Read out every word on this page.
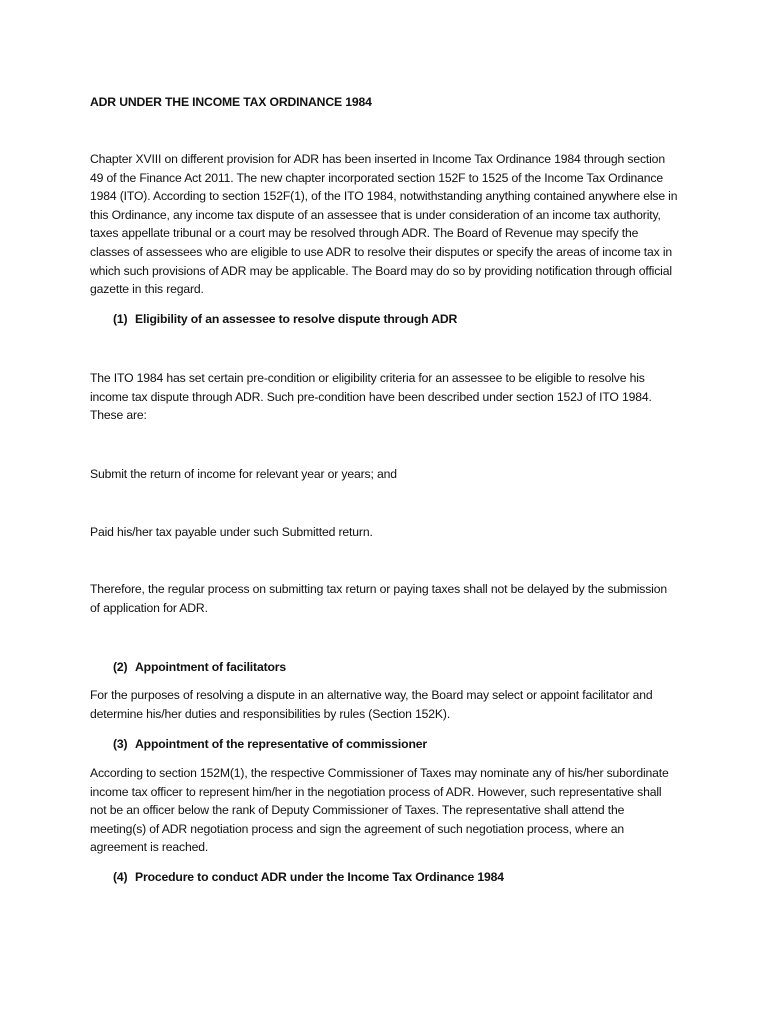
ADR UNDER THE INCOME TAX ORDINANCE 1984

Chapter XVIII on different provision for ADR has been inserted in Income Tax Ordinance 1984 through section 49 of the Finance Act 2011. The new chapter incorporated section 152F to 1525 of the Income Tax Ordinance 1984 (ITO). According to section 152F(1), of the ITO 1984, notwithstanding anything contained anywhere else in this Ordinance, any income tax dispute of an assessee that is under consideration of an income tax authority, taxes appellate tribunal or a court may be resolved through ADR. The Board of Revenue may specify the classes of assessees who are eligible to use ADR to resolve their disputes or specify the areas of income tax in which such provisions of ADR may be applicable. The Board may do so by providing notification through official gazette in this regard.

(1) Eligibility of an assessee to resolve dispute through ADR

The ITO 1984 has set certain pre-condition or eligibility criteria for an assessee to be eligible to resolve his income tax dispute through ADR. Such pre-condition have been described under section 152J of ITO 1984. These are:

Submit the return of income for relevant year or years; and

Paid his/her tax payable under such Submitted return.

Therefore, the regular process on submitting tax return or paying taxes shall not be delayed by the submission of application for ADR.

(2) Appointment of facilitators

For the purposes of resolving a dispute in an alternative way, the Board may select or appoint facilitator and determine his/her duties and responsibilities by rules (Section 152K).

(3) Appointment of the representative of commissioner

According to section 152M(1), the respective Commissioner of Taxes may nominate any of his/her subordinate income tax officer to represent him/her in the negotiation process of ADR. However, such representative shall not be an officer below the rank of Deputy Commissioner of Taxes. The representative shall attend the meeting(s) of ADR negotiation process and sign the agreement of such negotiation process, where an agreement is reached.

(4) Procedure to conduct ADR under the Income Tax Ordinance 1984
